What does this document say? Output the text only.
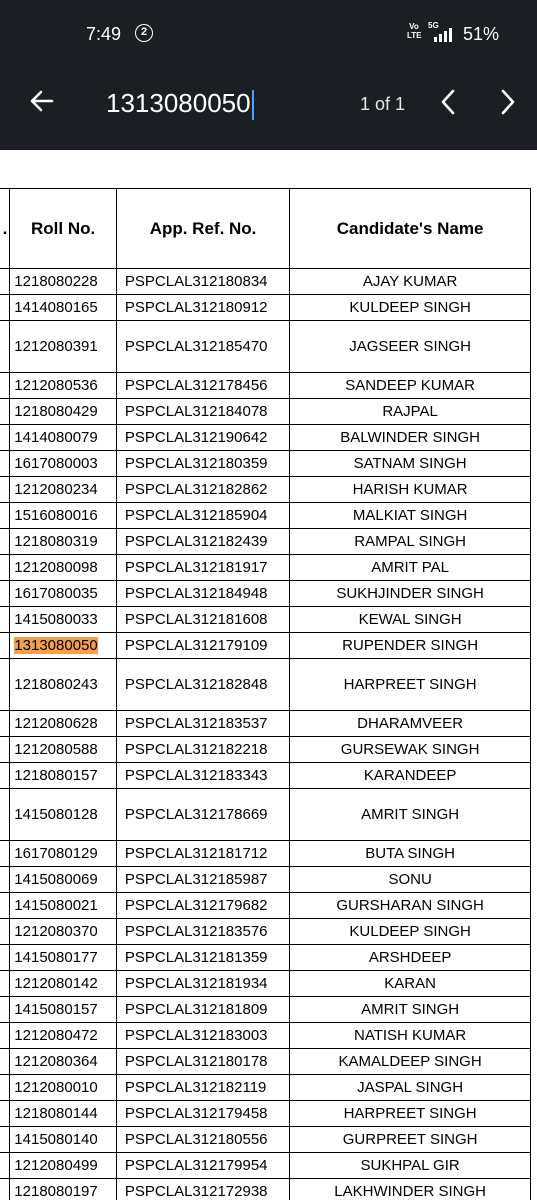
7:49	2	Vo LTE
5G 51%
1313080050	1 of 1
.	Roll No.	App. Ref. No.	Candidate's Name
	1218080228	PSPCLAL312180834	AJAY KUMAR
	1414080165	PSPCLAL312180912	KULDEEP SINGH
	1212080391	PSPCLAL312185470	JAGSEER SINGH
	1212080536	PSPCLAL312178456	SANDEEP KUMAR
	1218080429	PSPCLAL312184078	RAJPAL
	1414080079	PSPCLAL312190642	BALWINDER SINGH
	1617080003	PSPCLAL312180359	SATNAM SINGH
	1212080234	PSPCLAL312182862	HARISH KUMAR
	1516080016	PSPCLAL312185904	MALKIAT SINGH
	1218080319	PSPCLAL312182439	RAMPAL SINGH
	1212080098	PSPCLAL312181917	AMRIT PAL
	1617080035	PSPCLAL312184948	SUKHJINDER SINGH
	1415080033	PSPCLAL312181608	KEWAL SINGH
	1313080050	PSPCLAL312179109	RUPENDER SINGH
	1218080243	PSPCLAL312182848	HARPREET SINGH
	1212080628	PSPCLAL312183537	DHARAMVEER
	1212080588	PSPCLAL312182218	GURSEWAK SINGH
	1218080157	PSPCLAL312183343	KARANDEEP
	1415080128	PSPCLAL312178669	AMRIT SINGH
	1617080129	PSPCLAL312181712	BUTA SINGH
	1415080069	PSPCLAL312185987	SONU
	1415080021	PSPCLAL312179682	GURSHARAN SINGH
	1212080370	PSPCLAL312183576	KULDEEP SINGH
	1415080177	PSPCLAL312181359	ARSHDEEP
	1212080142	PSPCLAL312181934	KARAN
	1415080157	PSPCLAL312181809	AMRIT SINGH
	1212080472	PSPCLAL312183003	NATISH KUMAR
	1212080364	PSPCLAL312180178	KAMALDEEP SINGH
	1212080010	PSPCLAL312182119	JASPAL SINGH
	1218080144	PSPCLAL312179458	HARPREET SINGH
	1415080140	PSPCLAL312180556	GURPREET SINGH
	1212080499	PSPCLAL312179954	SUKHPAL GIR
	1218080197	PSPCLAL312172938	LAKHWINDER SINGH
